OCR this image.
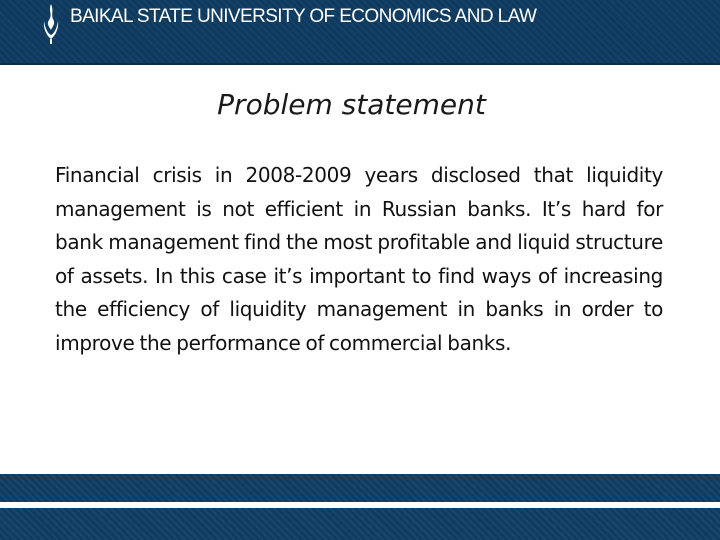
BAIKAL STATE UNIVERSITY OF ECONOMICS AND LAW
Problem statement

Financial crisis in 2008-2009 years disclosed that liquidity management is not efficient in Russian banks. It’s hard for bank management find the most profitable and liquid structure of assets. In this case it’s important to find ways of increasing the efficiency of liquidity management in banks in order to improve the performance of commercial banks.
